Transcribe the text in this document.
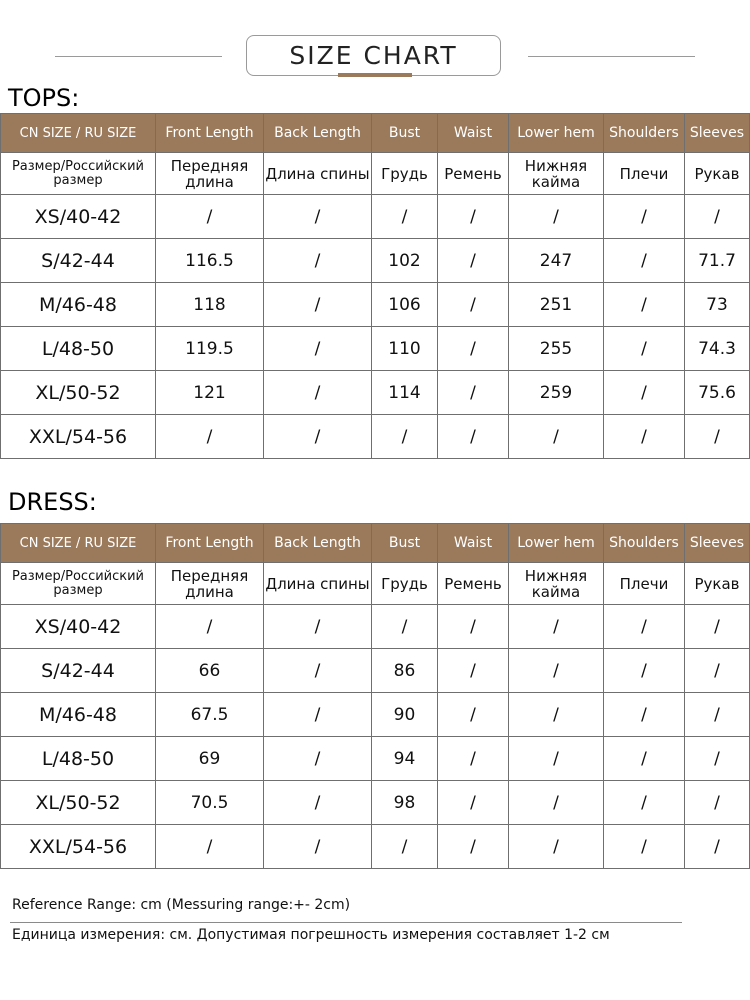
SIZE CHART
TOPS:
CN SIZE / RU SIZE	Front Length	Back Length	Bust	Waist	Lower hem	Shoulders	Sleeves
Размер/Российский размер	Передняя длина	Длина спины	Грудь	Ремень	Нижняя кайма	Плечи	Рукав
XS/40-42	/	/	/	/	/	/	/
S/42-44	116.5	/	102	/	247	/	71.7
M/46-48	118	/	106	/	251	/	73
L/48-50	119.5	/	110	/	255	/	74.3
XL/50-52	121	/	114	/	259	/	75.6
XXL/54-56	/	/	/	/	/	/	/
DRESS:
CN SIZE / RU SIZE	Front Length	Back Length	Bust	Waist	Lower hem	Shoulders	Sleeves
Размер/Российский размер	Передняя длина	Длина спины	Грудь	Ремень	Нижняя кайма	Плечи	Рукав
XS/40-42	/	/	/	/	/	/	/
S/42-44	66	/	86	/	/	/	/
M/46-48	67.5	/	90	/	/	/	/
L/48-50	69	/	94	/	/	/	/
XL/50-52	70.5	/	98	/	/	/	/
XXL/54-56	/	/	/	/	/	/	/
Reference Range: cm (Messuring range:+- 2cm)
Единица измерения: см. Допустимая погрешность измерения составляет 1-2 см
